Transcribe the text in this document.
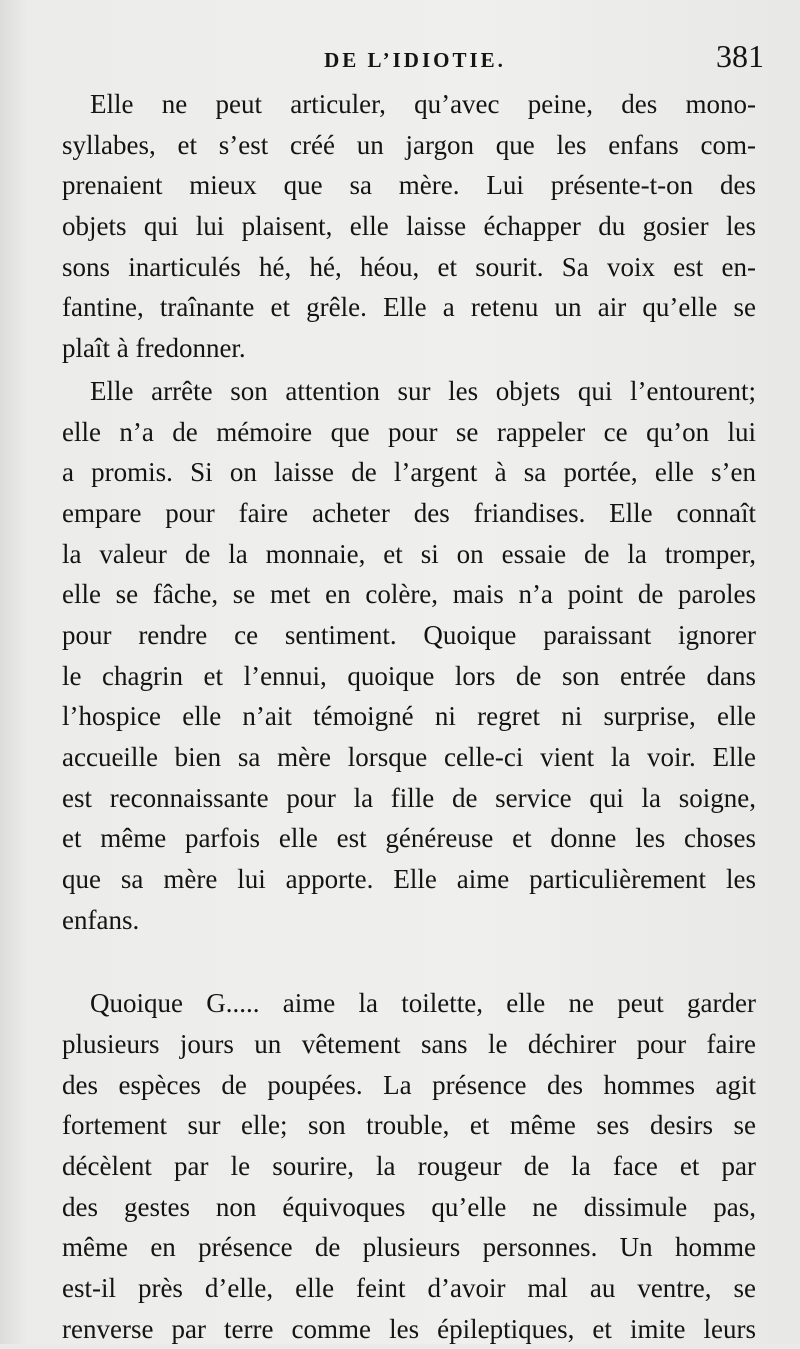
DE L’IDIOTIE.	381
Elle ne peut articuler, qu’avec peine, des mono-
syllabes, et s’est créé un jargon que les enfans com-
prenaient mieux que sa mère. Lui présente-t-on des
objets qui lui plaisent, elle laisse échapper du gosier les
sons inarticulés hé, hé, héou, et sourit. Sa voix est en-
fantine, traînante et grêle. Elle a retenu un air qu’elle se
plaît à fredonner.
Elle arrête son attention sur les objets qui l’entourent;
elle n’a de mémoire que pour se rappeler ce qu’on lui
a promis. Si on laisse de l’argent à sa portée, elle s’en
empare pour faire acheter des friandises. Elle connaît
la valeur de la monnaie, et si on essaie de la tromper,
elle se fâche, se met en colère, mais n’a point de paroles
pour rendre ce sentiment. Quoique paraissant ignorer
le chagrin et l’ennui, quoique lors de son entrée dans
l’hospice elle n’ait témoigné ni regret ni surprise, elle
accueille bien sa mère lorsque celle-ci vient la voir. Elle
est reconnaissante pour la fille de service qui la soigne,
et même parfois elle est généreuse et donne les choses
que sa mère lui apporte. Elle aime particulièrement les
enfans.
Quoique G..... aime la toilette, elle ne peut garder
plusieurs jours un vêtement sans le déchirer pour faire
des espèces de poupées. La présence des hommes agit
fortement sur elle; son trouble, et même ses desirs se
décèlent par le sourire, la rougeur de la face et par
des gestes non équivoques qu’elle ne dissimule pas,
même en présence de plusieurs personnes. Un homme
est-il près d’elle, elle feint d’avoir mal au ventre, se
renverse par terre comme les épileptiques, et imite leurs
